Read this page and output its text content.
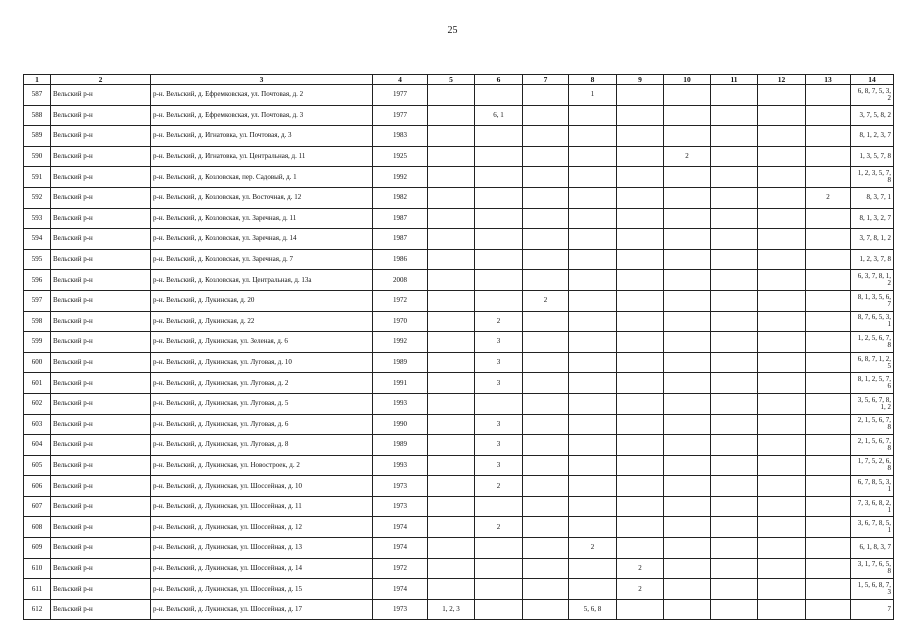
25
1	2	3	4	5	6	7	8	9	10	11	12	13	14
587	Вельский р-н	р-н. Вельский, д. Ефремковская, ул. Почтовая, д. 2	1977				1						6, 8, 7, 5, 3, 2
588	Вельский р-н	р-н. Вельский, д. Ефремковская, ул. Почтовая, д. 3	1977		6, 1								3, 7, 5, 8, 2
589	Вельский р-н	р-н. Вельский, д. Игнатовка, ул. Почтовая, д. 3	1983										8, 1, 2, 3, 7
590	Вельский р-н	р-н. Вельский, д. Игнатовка, ул. Центральная, д. 11	1925						2				1, 3, 5, 7, 8
591	Вельский р-н	р-н. Вельский, д. Козловская, пер. Садовый, д. 1	1992										1, 2, 3, 5, 7, 8
592	Вельский р-н	р-н. Вельский, д. Козловская, ул. Восточная, д. 12	1982									2	8, 3, 7, 1
593	Вельский р-н	р-н. Вельский, д. Козловская, ул. Заречная, д. 11	1987										8, 1, 3, 2, 7
594	Вельский р-н	р-н. Вельский, д. Козловская, ул. Заречная, д. 14	1987										3, 7, 8, 1, 2
595	Вельский р-н	р-н. Вельский, д. Козловская, ул. Заречная, д. 7	1986										1, 2, 3, 7, 8
596	Вельский р-н	р-н. Вельский, д. Козловская, ул. Центральная, д. 13а	2008										6, 3, 7, 8, 1, 2
597	Вельский р-н	р-н. Вельский, д. Лукинская, д. 20	1972			2							8, 1, 3, 5, 6, 7
598	Вельский р-н	р-н. Вельский, д. Лукинская, д. 22	1970		2								8, 7, 6, 5, 3, 1
599	Вельский р-н	р-н. Вельский, д. Лукинская, ул. Зеленая, д. 6	1992		3								1, 2, 5, 6, 7, 8
600	Вельский р-н	р-н. Вельский, д. Лукинская, ул. Луговая, д. 10	1989		3								6, 8, 7, 1, 2, 5
601	Вельский р-н	р-н. Вельский, д. Лукинская, ул. Луговая, д. 2	1991		3								8, 1, 2, 5, 7, 6
602	Вельский р-н	р-н. Вельский, д. Лукинская, ул. Луговая, д. 5	1993										3, 5, 6, 7, 8, 1, 2
603	Вельский р-н	р-н. Вельский, д. Лукинская, ул. Луговая, д. 6	1990		3								2, 1, 5, 6, 7, 8
604	Вельский р-н	р-н. Вельский, д. Лукинская, ул. Луговая, д. 8	1989		3								2, 1, 5, 6, 7, 8
605	Вельский р-н	р-н. Вельский, д. Лукинская, ул. Новостроек, д. 2	1993		3								1, 7, 5, 2, 6, 8
606	Вельский р-н	р-н. Вельский, д. Лукинская, ул. Шоссейная, д. 10	1973		2								6, 7, 8, 5, 3, 1
607	Вельский р-н	р-н. Вельский, д. Лукинская, ул. Шоссейная, д. 11	1973										7, 3, 6, 8, 2, 1
608	Вельский р-н	р-н. Вельский, д. Лукинская, ул. Шоссейная, д. 12	1974		2								3, 6, 7, 8, 5, 1
609	Вельский р-н	р-н. Вельский, д. Лукинская, ул. Шоссейная, д. 13	1974				2						6, 1, 8, 3, 7
610	Вельский р-н	р-н. Вельский, д. Лукинская, ул. Шоссейная, д. 14	1972					2					3, 1, 7, 6, 5, 8
611	Вельский р-н	р-н. Вельский, д. Лукинская, ул. Шоссейная, д. 15	1974					2					1, 5, 6, 8, 7, 3
612	Вельский р-н	р-н. Вельский, д. Лукинская, ул. Шоссейная, д. 17	1973	1, 2, 3			5, 6, 8						7
